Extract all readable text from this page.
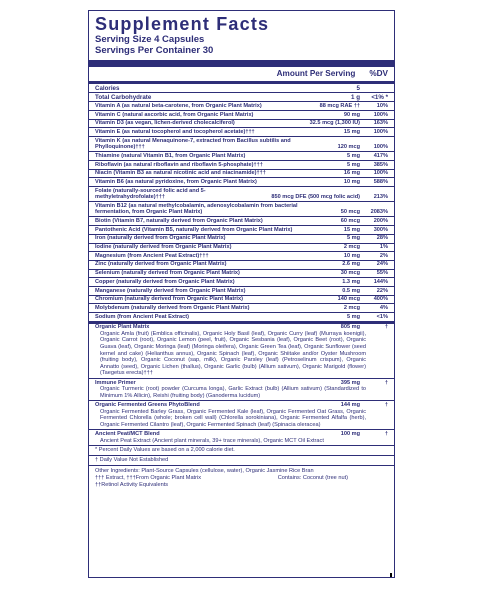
Supplement Facts
Serving Size 4 Capsules
Servings Per Container 30
Amount Per Serving %DV
Calories	5
Total Carbohydrate	1 g	<1% *
Vitamin A (as natural beta-carotene, from Organic Plant Matrix)	88 mcg RAE ††	10%
Vitamin C (natural ascorbic acid, from Organic Plant Matrix)	90 mg	100%
Vitamin D3 (as vegan, lichen-derived cholecalciferol)	32.5 mcg (1,300 IU)	163%
Vitamin E (as natural tocopherol and tocopherol acetate)†††	15 mg	100%
Vitamin K (as natural Menaquinone-7, extracted from Bacillus subtilis and Phylloquinone)†††	120 mcg	100%
Thiamine (natural Vitamin B1, from Organic Plant Matrix)	5 mg	417%
Riboflavin (as natural riboflavin and riboflavin 5-phosphate)†††	5 mg	385%
Niacin (Vitamin B3 as natural nicotinic acid and niacinamide)†††	16 mg	100%
Vitamin B6 (as natural pyridoxine, from Organic Plant Matrix)	10 mg	588%
Folate (naturally-sourced folic acid and 5-methyletrahydrofolate)†††	850 mcg DFE (500 mcg folic acid)	213%
Vitamin B12 (as natural methylcobalamin, adenosylcobalamin from bacterial fermentation, from Organic Plant Matrix)	50 mcg	2083%
Biotin (Vitamin B7, naturally derived from Organic Plant Matrix)	60 mcg	200%
Pantothenic Acid (Vitamin B5, naturally derived from Organic Plant Matrix)	15 mg	300%
Iron (naturally derived from Organic Plant Matrix)	5 mg	28%
Iodine (naturally derived from Organic Plant Matrix)	2 mcg	1%
Magnesium (from Ancient Peat Extract)†††	10 mg	2%
Zinc (naturally derived from Organic Plant Matrix)	2.6 mg	24%
Selenium (naturally derived from Organic Plant Matrix)	30 mcg	55%
Copper (naturally derived from Organic Plant Matrix)	1.3 mg	144%
Manganese (naturally derived from Organic Plant Matrix)	0.5 mg	22%
Chromium (naturally derived from Organic Plant Matrix)	140 mcg	400%
Molybdenum (naturally derived from Organic Plant Matrix)	2 mcg	4%
Sodium (from Ancient Peat Extract)	5 mg	<1%
Organic Plant Matrix	805 mg	†
Organic Amla (fruit) (Emblica officinalis), Organic Holy Basil (leaf), Organic Curry (leaf) (Murraya koenigii), Organic Carrot (root), Organic Lemon (peel, fruit), Organic Sesbania (leaf), Organic Beet (root), Organic Guava (leaf), Organic Moringa (leaf) (Moringa oleifera), Organic Green Tea (leaf), Organic Sunflower (seed kernel and cake) (Helianthus annus), Organic Spinach (leaf), Organic Shiitake and/or Oyster Mushroom (fruiting body), Organic Coconut (sap, milk), Organic Parsley (leaf) (Petroselinum crispum), Organic Annatto (seed), Organic Lichen (thallus), Organic Garlic (bulb) (Allium sativum), Organic Marigold (flower) (Taegetus erecta)†††
Immune Primer	395 mg	†
Organic Turmeric (root) powder (Curcuma longa), Garlic Extract (bulb) (Allium sativum) (Standardized to Minimum 1% Allicin), Reishi (fruiting body) (Ganoderma lucidum)
Organic Fermented Greens PhytoBlend	144 mg	†
Organic Fermented Barley Grass, Organic Fermented Kale (leaf), Organic Fermented Oat Grass, Organic Fermented Chlorella (whole; broken cell wall) (Chlorella sorokiniana), Organic Fermented Alfalfa (herb), Organic Fermented Cilantro (leaf), Organic Fermented Spinach (leaf) (Spinacia oleracea)
Ancient Peat/MCT Blend	100 mg	†
Ancient Peat Extract (Ancient plant minerals, 39+ trace minerals), Organic MCT Oil Extract
* Percent Daily Values are based on a 2,000 calorie diet.
† Daily Value Not Established
Other Ingredients: Plant-Source Capsules (cellulose, water), Organic Jasmine Rice Bran
††† Extract, †††From Organic Plant Matrix	Contains: Coconut (tree nut)
††Retinol Activity Equivalents
